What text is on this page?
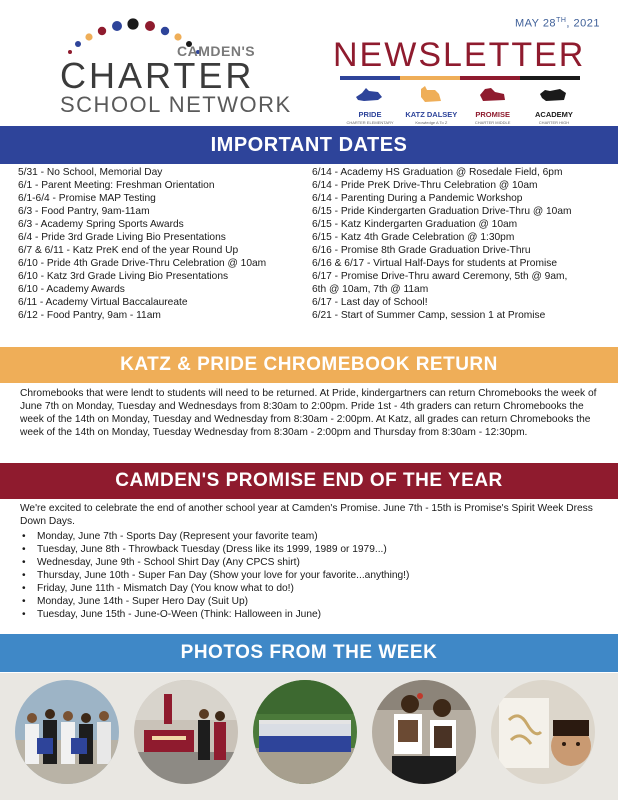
CAMDEN'S
CHARTER
SCHOOL NETWORK
MAY 28TH, 2021
NEWSLETTER
PRIDE
CHARTER ELEMENTARY
KATZ DALSEY
Knowledge A To Z
PROMISE
CHARTER MIDDLE
ACADEMY
CHARTER HIGH
IMPORTANT DATES
5/31 - No School, Memorial Day
6/1 - Parent Meeting: Freshman Orientation
6/1-6/4 - Promise MAP Testing
6/3 - Food Pantry, 9am-11am
6/3 - Academy Spring Sports Awards
6/4 - Pride 3rd Grade Living Bio Presentations
6/7 & 6/11 - Katz PreK end of the year Round Up
6/10 - Pride 4th Grade Drive-Thru Celebration @ 10am
6/10 - Katz 3rd Grade Living Bio Presentations
6/10 - Academy Awards
6/11 - Academy Virtual Baccalaureate
6/12 - Food Pantry, 9am - 11am
6/14 - Academy HS Graduation @ Rosedale Field, 6pm
6/14 - Pride PreK Drive-Thru Celebration @ 10am
6/14 - Parenting During a Pandemic Workshop
6/15 - Pride Kindergarten Graduation Drive-Thru @ 10am
6/15 - Katz Kindergarten Graduation @ 10am
6/15 - Katz 4th Grade Celebration @ 1:30pm
6/16 - Promise 8th Grade Graduation Drive-Thru
6/16 & 6/17 - Virtual Half-Days for students at Promise
6/17 - Promise Drive-Thru award Ceremony, 5th @ 9am,
6th @ 10am, 7th @ 11am
6/17 - Last day of School!
6/21 - Start of Summer Camp, session 1 at Promise
KATZ & PRIDE CHROMEBOOK RETURN
Chromebooks that were lendt to students will need to be returned. At Pride, kindergartners can return Chromebooks the week of June 7th on Monday, Tuesday and Wednesdays from 8:30am to 2:00pm. Pride 1st - 4th graders can return Chromebooks the week of the 14th on Monday, Tuesday and Wednesday from 8:30am - 2:00pm. At Katz, all grades can return Chromebooks the week of the 14th on Monday, Tuesday Wednesday from 8:30am - 2:00pm and Thursday from 8:30am - 12:30pm.
CAMDEN'S PROMISE END OF THE YEAR
We're excited to celebrate the end of another school year at Camden's Promise. June 7th - 15th is Promise's Spirit Week Dress Down Days.
• Monday, June 7th - Sports Day (Represent your favorite team)
• Tuesday, June 8th - Throwback Tuesday (Dress like its 1999, 1989 or 1979...)
• Wednesday, June 9th - School Shirt Day (Any CPCS shirt)
• Thursday, June 10th - Super Fan Day (Show your love for your favorite...anything!)
• Friday, June 11th - Mismatch Day (You know what to do!)
• Monday, June 14th - Super Hero Day (Suit Up)
• Tuesday, June 15th - June-O-Ween (Think: Halloween in June)
PHOTOS FROM THE WEEK
